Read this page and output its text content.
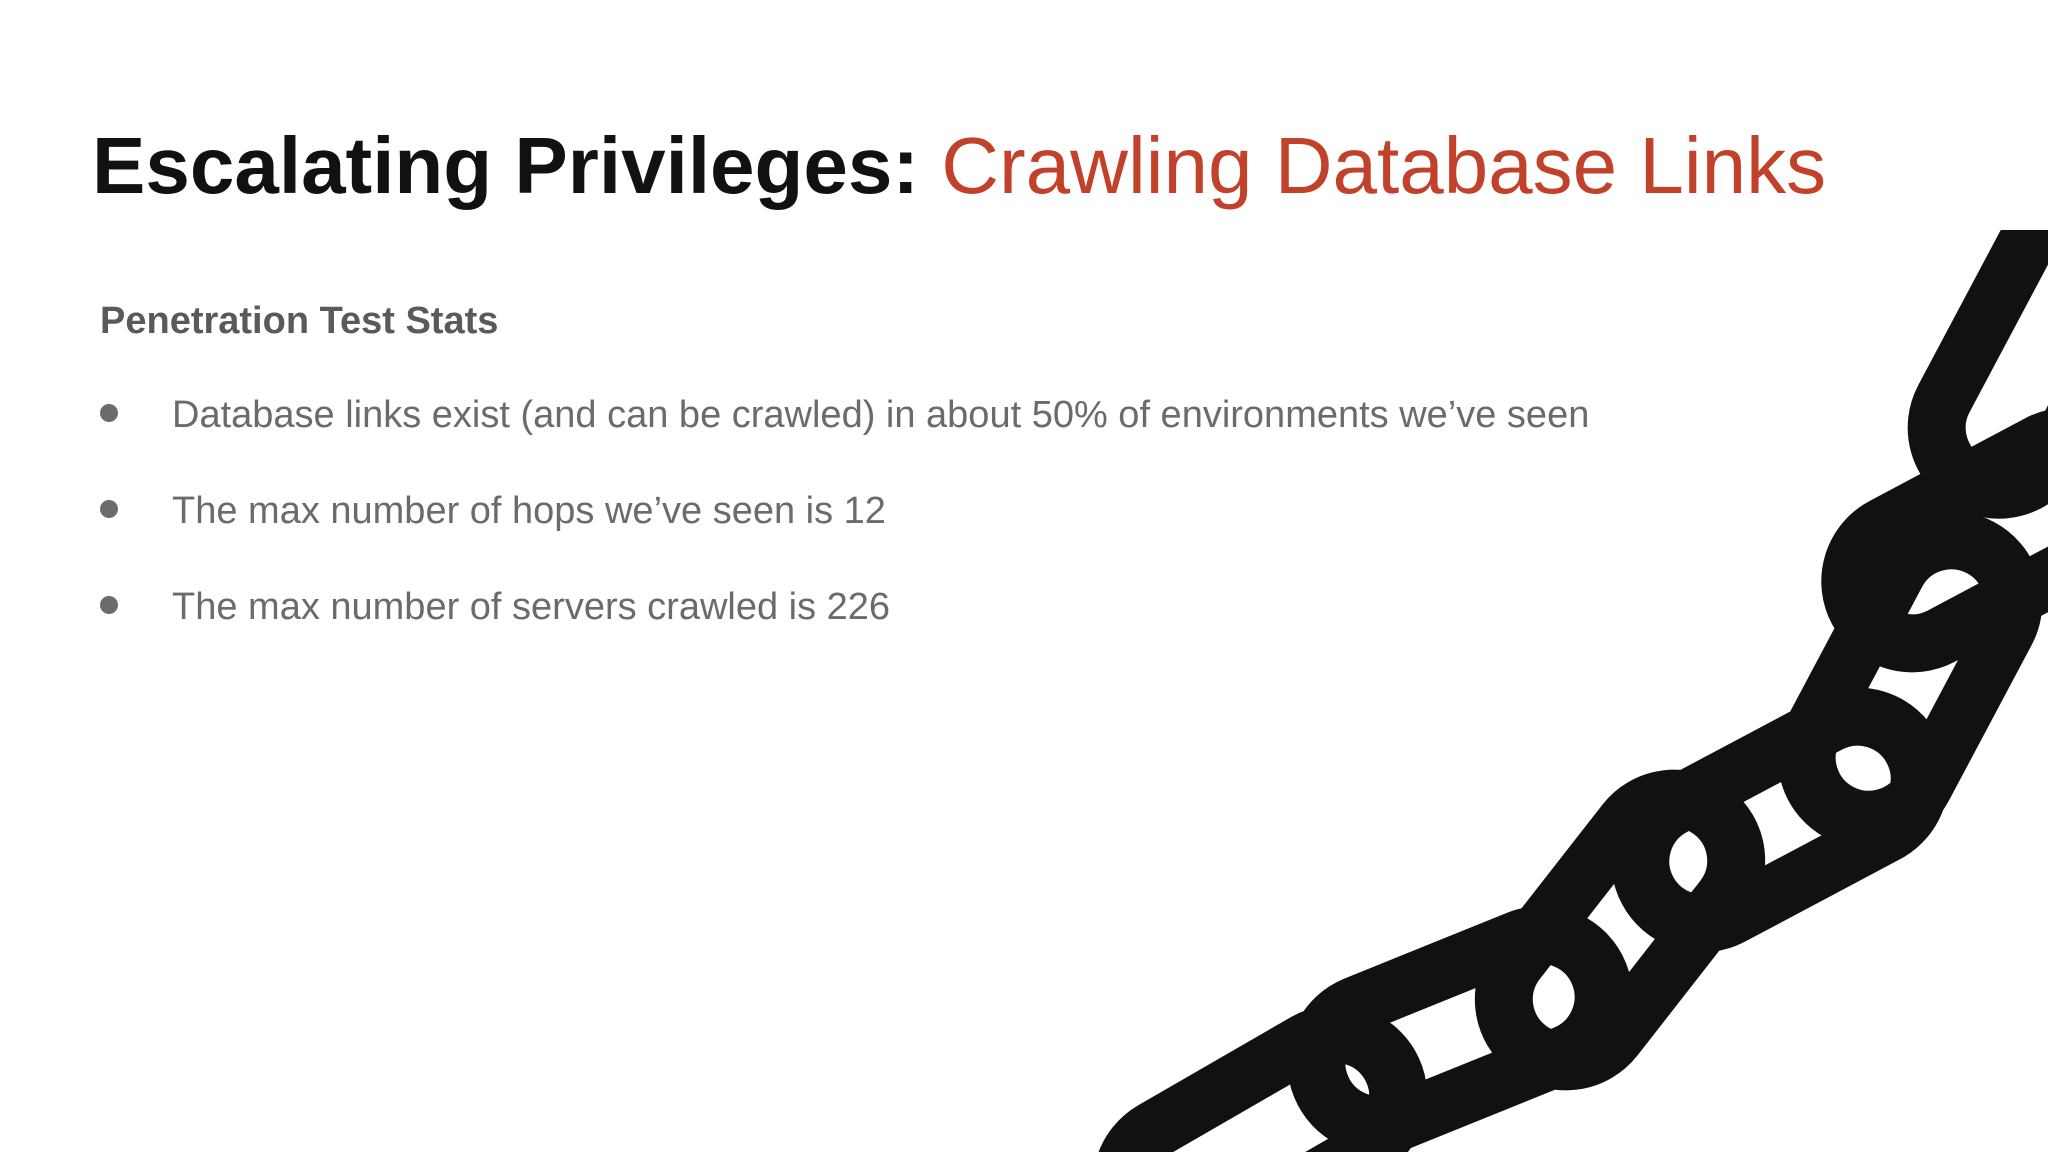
Escalating Privileges: Crawling Database Links
Penetration Test Stats
Database links exist (and can be crawled) in about 50% of environments we’ve seen
The max number of hops we’ve seen is 12
The max number of servers crawled is 226
